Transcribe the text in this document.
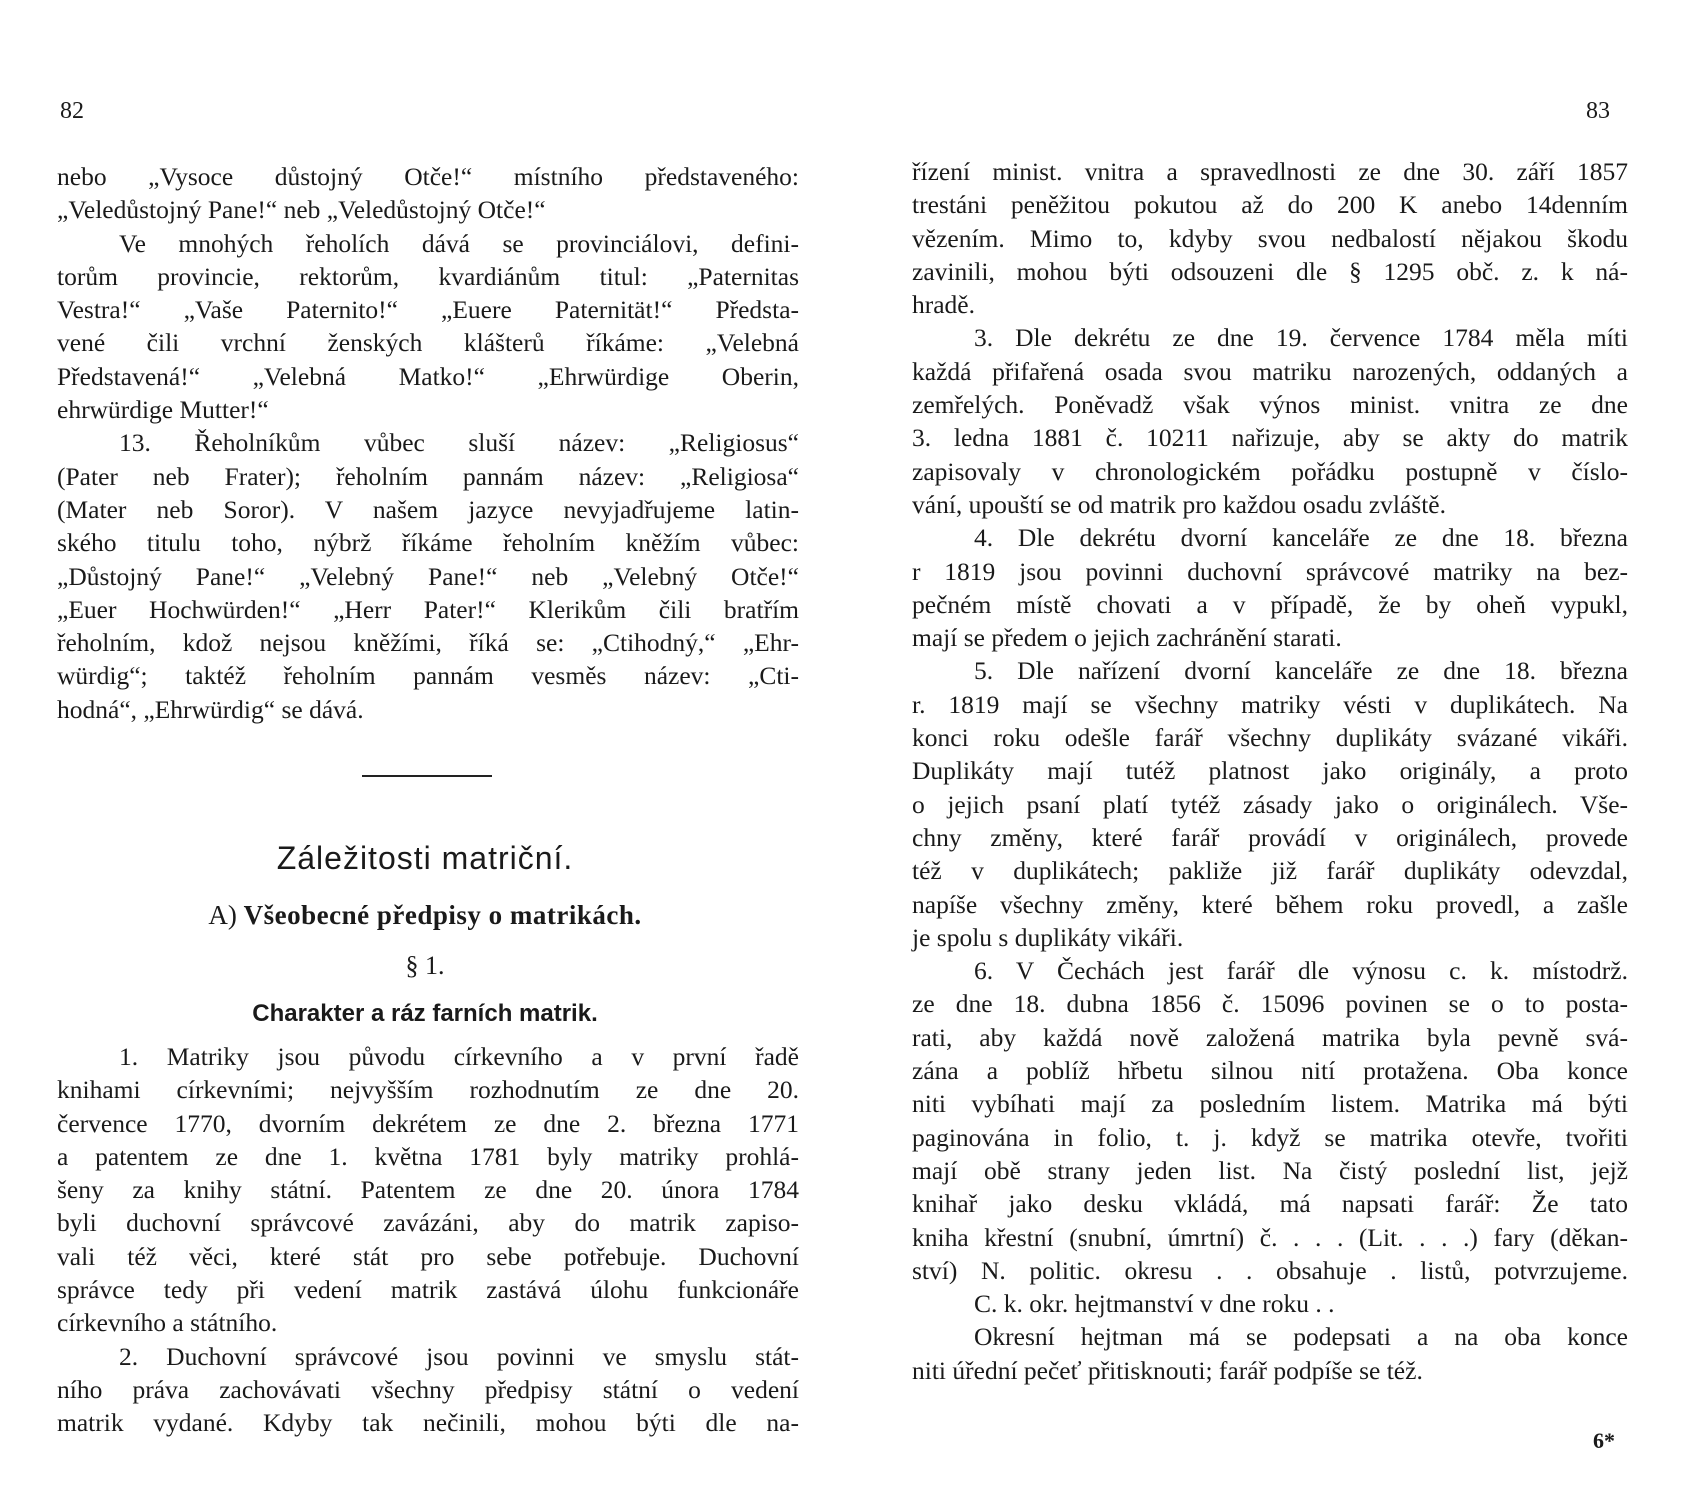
82
nebo „Vysoce důstojný Otče!“ místního představeného:
„Veledůstojný Pane!“ neb „Veledůstojný Otče!“
Ve mnohých řeholích dává se provinciálovi, defini-
torům provincie, rektorům, kvardiánům titul: „Paternitas
Vestra!“ „Vaše Paternito!“ „Euere Paternität!“ Předsta-
vené čili vrchní ženských klášterů říkáme: „Velebná
Představená!“ „Velebná Matko!“ „Ehrwürdige Oberin,
ehrwürdige Mutter!“
13. Řeholníkům vůbec sluší název: „Religiosus“
(Pater neb Frater); řeholním pannám název: „Religiosa“
(Mater neb Soror). V našem jazyce nevyjadřujeme latin-
ského titulu toho, nýbrž říkáme řeholním kněžím vůbec:
„Důstojný Pane!“ „Velebný Pane!“ neb „Velebný Otče!“
„Euer Hochwürden!“ „Herr Pater!“ Klerikům čili bratřím
řeholním, kdož nejsou kněžími, říká se: „Ctihodný,“ „Ehr-
würdig“; taktéž řeholním pannám vesměs název: „Cti-
hodná“, „Ehrwürdig“ se dává.
Záležitosti matriční.
A) Všeobecné předpisy o matrikách.
§ 1.
Charakter a ráz farních matrik.
1. Matriky jsou původu církevního a v první řadě
knihami církevními; nejvyšším rozhodnutím ze dne 20.
července 1770, dvorním dekrétem ze dne 2. března 1771
a patentem ze dne 1. května 1781 byly matriky prohlá-
šeny za knihy státní. Patentem ze dne 20. února 1784
byli duchovní správcové zavázáni, aby do matrik zapiso-
vali též věci, které stát pro sebe potřebuje. Duchovní
správce tedy při vedení matrik zastává úlohu funkcionáře
církevního a státního.
2. Duchovní správcové jsou povinni ve smyslu stát-
ního práva zachovávati všechny předpisy státní o vedení
matrik vydané. Kdyby tak nečinili, mohou býti dle na-
83
řízení minist. vnitra a spravedlnosti ze dne 30. září 1857
trestáni peněžitou pokutou až do 200 K anebo 14denním
vězením. Mimo to, kdyby svou nedbalostí nějakou škodu
zavinili, mohou býti odsouzeni dle § 1295 obč. z. k ná-
hradě.
3. Dle dekrétu ze dne 19. července 1784 měla míti
každá přifařená osada svou matriku narozených, oddaných a
zemřelých. Poněvadž však výnos minist. vnitra ze dne
3. ledna 1881 č. 10211 nařizuje, aby se akty do matrik
zapisovaly v chronologickém pořádku postupně v číslo-
vání, upouští se od matrik pro každou osadu zvláště.
4. Dle dekrétu dvorní kanceláře ze dne 18. března
r 1819 jsou povinni duchovní správcové matriky na bez-
pečném místě chovati a v případě, že by oheň vypukl,
mají se předem o jejich zachránění starati.
5. Dle nařízení dvorní kanceláře ze dne 18. března
r. 1819 mají se všechny matriky vésti v duplikátech. Na
konci roku odešle farář všechny duplikáty svázané vikáři.
Duplikáty mají tutéž platnost jako originály, a proto
o jejich psaní platí tytéž zásady jako o originálech. Vše-
chny změny, které farář provádí v originálech, provede
též v duplikátech; pakliže již farář duplikáty odevzdal,
napíše všechny změny, které během roku provedl, a zašle
je spolu s duplikáty vikáři.
6. V Čechách jest farář dle výnosu c. k. místodrž.
ze dne 18. dubna 1856 č. 15096 povinen se o to posta-
rati, aby každá nově založená matrika byla pevně svá-
zána a poblíž hřbetu silnou nití protažena. Oba konce
niti vybíhati mají za posledním listem. Matrika má býti
paginována in folio, t. j. když se matrika otevře, tvořiti
mají obě strany jeden list. Na čistý poslední list, jejž
knihař jako desku vkládá, má napsati farář: Že tato
kniha křestní (snubní, úmrtní) č. . . . (Lit. . . .) fary (děkan-
ství) N. politic. okresu . . obsahuje . listů, potvrzujeme.
C. k. okr. hejtmanství v dne roku . .
Okresní hejtman má se podepsati a na oba konce
niti úřední pečeť přitisknouti; farář podpíše se též.
6*
